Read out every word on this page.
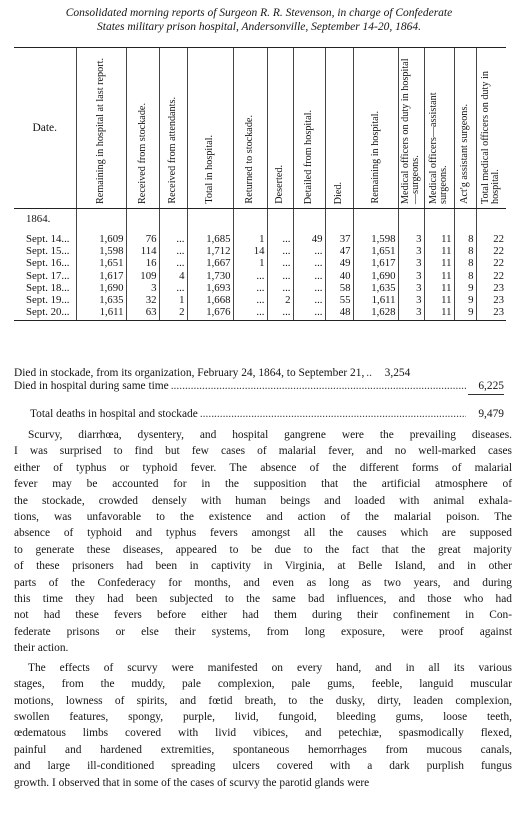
Consolidated morning reports of Surgeon R. R. Stevenson, in charge of Confederate
States military prison hospital, Andersonville, September 14-20, 1864.
Date.	Remaining in hospital at last report.	Received from stockade.	Received from attendants.	Total in hospital.	Returned to stockade.	Deserted.	Detailed from hospital.	Died.	Remaining in hospital.	Medical officers on duty in hospital—surgeons.	Medical officers—assistant surgeons.	Act'g assistant surgeons.	Total medical officers on duty in hospital.

1864.													
Sept. 14...	1,609	76	...	1,685	1	...	49	37	1,598	3	11	8	22
Sept. 15...	1,598	114	...	1,712	14	...	...	47	1,651	3	11	8	22
Sept. 16...	1,651	16	...	1,667	1	...	...	49	1,617	3	11	8	22
Sept. 17...	1,617	109	4	1,730	...	...	...	40	1,690	3	11	8	22
Sept. 18...	1,690	3	...	1,693	...	...	...	58	1,635	3	11	9	23
Sept. 19...	1,635	32	1	1,668	...	2	...	55	1,611	3	11	9	23
Sept. 20...	1,611	63	2	1,676	...	...	...	48	1,628	3	11	9	23
Died in stockade, from its organization, February 24, 1864, to September 21, .....	3,254
Died in hospital during same time .....	6,225
Total deaths in hospital and stockade .....	9,479

Scurvy, diarrhœa, dysentery, and hospital gangrene were the prevailing diseases.
I was surprised to find but few cases of malarial fever, and no well-marked cases
either of typhus or typhoid fever. The absence of the different forms of malarial
fever may be accounted for in the supposition that the artificial atmosphere of
the stockade, crowded densely with human beings and loaded with animal exhala-
tions, was unfavorable to the existence and action of the malarial poison. The
absence of typhoid and typhus fevers amongst all the causes which are supposed
to generate these diseases, appeared to be due to the fact that the great majority
of these prisoners had been in captivity in Virginia, at Belle Island, and in other
parts of the Confederacy for months, and even as long as two years, and during
this time they had been subjected to the same bad influences, and those who had
not had these fevers before either had them during their confinement in Con-
federate prisons or else their systems, from long exposure, were proof against
their action.

The effects of scurvy were manifested on every hand, and in all its various
stages, from the muddy, pale complexion, pale gums, feeble, languid muscular
motions, lowness of spirits, and fœtid breath, to the dusky, dirty, leaden complexion,
swollen features, spongy, purple, livid, fungoid, bleeding gums, loose teeth,
œdematous limbs covered with livid vibices, and petechiæ, spasmodically flexed,
painful and hardened extremities, spontaneous hemorrhages from mucous canals,
and large ill-conditioned spreading ulcers covered with a dark purplish fungus
growth. I observed that in some of the cases of scurvy the parotid glands were
